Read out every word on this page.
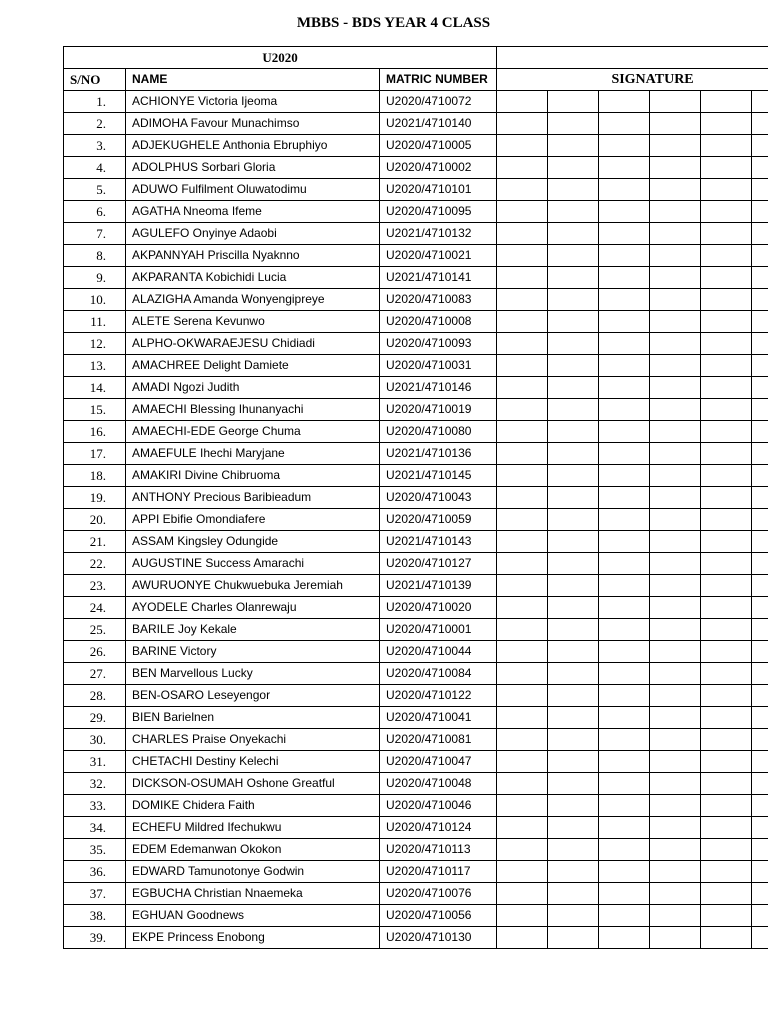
MBBS - BDS YEAR 4 CLASS
U2020								
S/NO	NAME	MATRIC NUMBER	SIGNATURE					
1.	ACHIONYE Victoria Ijeoma	U2020/4710072						
2.	ADIMOHA Favour Munachimso	U2021/4710140						
3.	ADJEKUGHELE Anthonia Ebruphiyo	U2020/4710005						
4.	ADOLPHUS Sorbari Gloria	U2020/4710002						
5.	ADUWO Fulfilment Oluwatodimu	U2020/4710101						
6.	AGATHA Nneoma Ifeme	U2020/4710095						
7.	AGULEFO Onyinye Adaobi	U2021/4710132						
8.	AKPANNYAH Priscilla Nyaknno	U2020/4710021						
9.	AKPARANTA Kobichidi Lucia	U2021/4710141						
10.	ALAZIGHA Amanda Wonyengipreye	U2020/4710083						
11.	ALETE Serena Kevunwo	U2020/4710008						
12.	ALPHO-OKWARAEJESU Chidiadi	U2020/4710093						
13.	AMACHREE Delight Damiete	U2020/4710031						
14.	AMADI Ngozi Judith	U2021/4710146						
15.	AMAECHI Blessing Ihunanyachi	U2020/4710019						
16.	AMAECHI-EDE George Chuma	U2020/4710080						
17.	AMAEFULE Ihechi Maryjane	U2021/4710136						
18.	AMAKIRI Divine Chibruoma	U2021/4710145						
19.	ANTHONY Precious Baribieadum	U2020/4710043						
20.	APPI Ebifie Omondiafere	U2020/4710059						
21.	ASSAM Kingsley Odungide	U2021/4710143						
22.	AUGUSTINE Success Amarachi	U2020/4710127						
23.	AWURUONYE Chukwuebuka Jeremiah	U2021/4710139						
24.	AYODELE Charles Olanrewaju	U2020/4710020						
25.	BARILE Joy Kekale	U2020/4710001						
26.	BARINE Victory	U2020/4710044						
27.	BEN Marvellous Lucky	U2020/4710084						
28.	BEN-OSARO Leseyengor	U2020/4710122						
29.	BIEN Barielnen	U2020/4710041						
30.	CHARLES Praise Onyekachi	U2020/4710081						
31.	CHETACHI Destiny Kelechi	U2020/4710047						
32.	DICKSON-OSUMAH Oshone Greatful	U2020/4710048						
33.	DOMIKE Chidera Faith	U2020/4710046						
34.	ECHEFU Mildred Ifechukwu	U2020/4710124						
35.	EDEM Edemanwan Okokon	U2020/4710113						
36.	EDWARD Tamunotonye Godwin	U2020/4710117						
37.	EGBUCHA Christian Nnaemeka	U2020/4710076						
38.	EGHUAN Goodnews	U2020/4710056						
39.	EKPE Princess Enobong	U2020/4710130						
